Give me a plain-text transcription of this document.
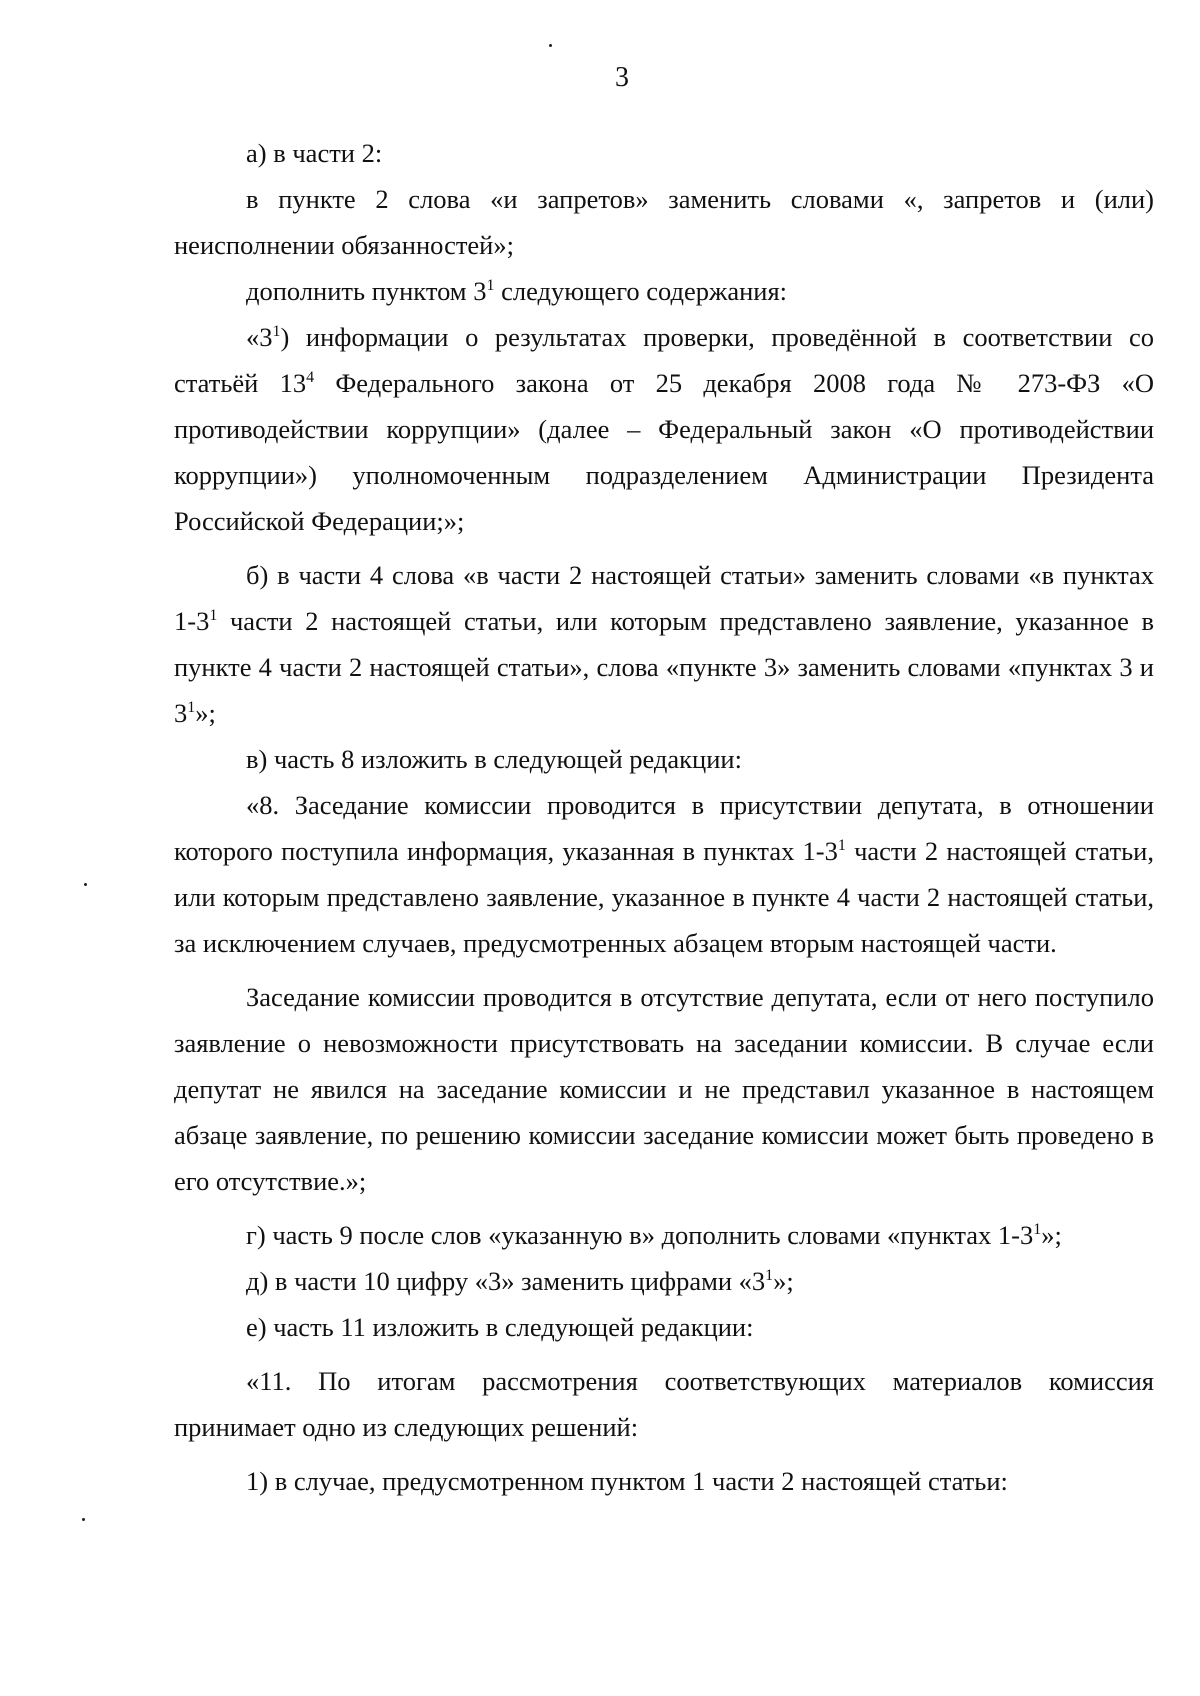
3

а) в части 2:

в пункте 2 слова «и запретов» заменить словами «, запретов и (или) неисполнении обязанностей»;

дополнить пунктом $3^1$ следующего содержания:

«$3^1$) информации о результатах проверки, проведённой в соответствии со статьёй $13^4$ Федерального закона от 25 декабря 2008 года № 273-ФЗ «О противодействии коррупции» (далее – Федеральный закон «О противодействии коррупции») уполномоченным подразделением Администрации Президента Российской Федерации;»;

б) в части 4 слова «в части 2 настоящей статьи» заменить словами «в пунктах $1-3^1$ части 2 настоящей статьи, или которым представлено заявление, указанное в пункте 4 части 2 настоящей статьи», слова «пункте 3» заменить словами «пунктах 3 и $3^1$»;

в) часть 8 изложить в следующей редакции:

«8. Заседание комиссии проводится в присутствии депутата, в отношении которого поступила информация, указанная в пунктах $1-3^1$ части 2 настоящей статьи, или которым представлено заявление, указанное в пункте 4 части 2 настоящей статьи, за исключением случаев, предусмотренных абзацем вторым настоящей части.

Заседание комиссии проводится в отсутствие депутата, если от него поступило заявление о невозможности присутствовать на заседании комиссии. В случае если депутат не явился на заседание комиссии и не представил указанное в настоящем абзаце заявление, по решению комиссии заседание комиссии может быть проведено в его отсутствие.»;

г) часть 9 после слов «указанную в» дополнить словами «пунктах $1-3^1$»;

д) в части 10 цифру «3» заменить цифрами «$3^1$»;

е) часть 11 изложить в следующей редакции:

«11. По итогам рассмотрения соответствующих материалов комиссия принимает одно из следующих решений:

1) в случае, предусмотренном пунктом 1 части 2 настоящей статьи:
